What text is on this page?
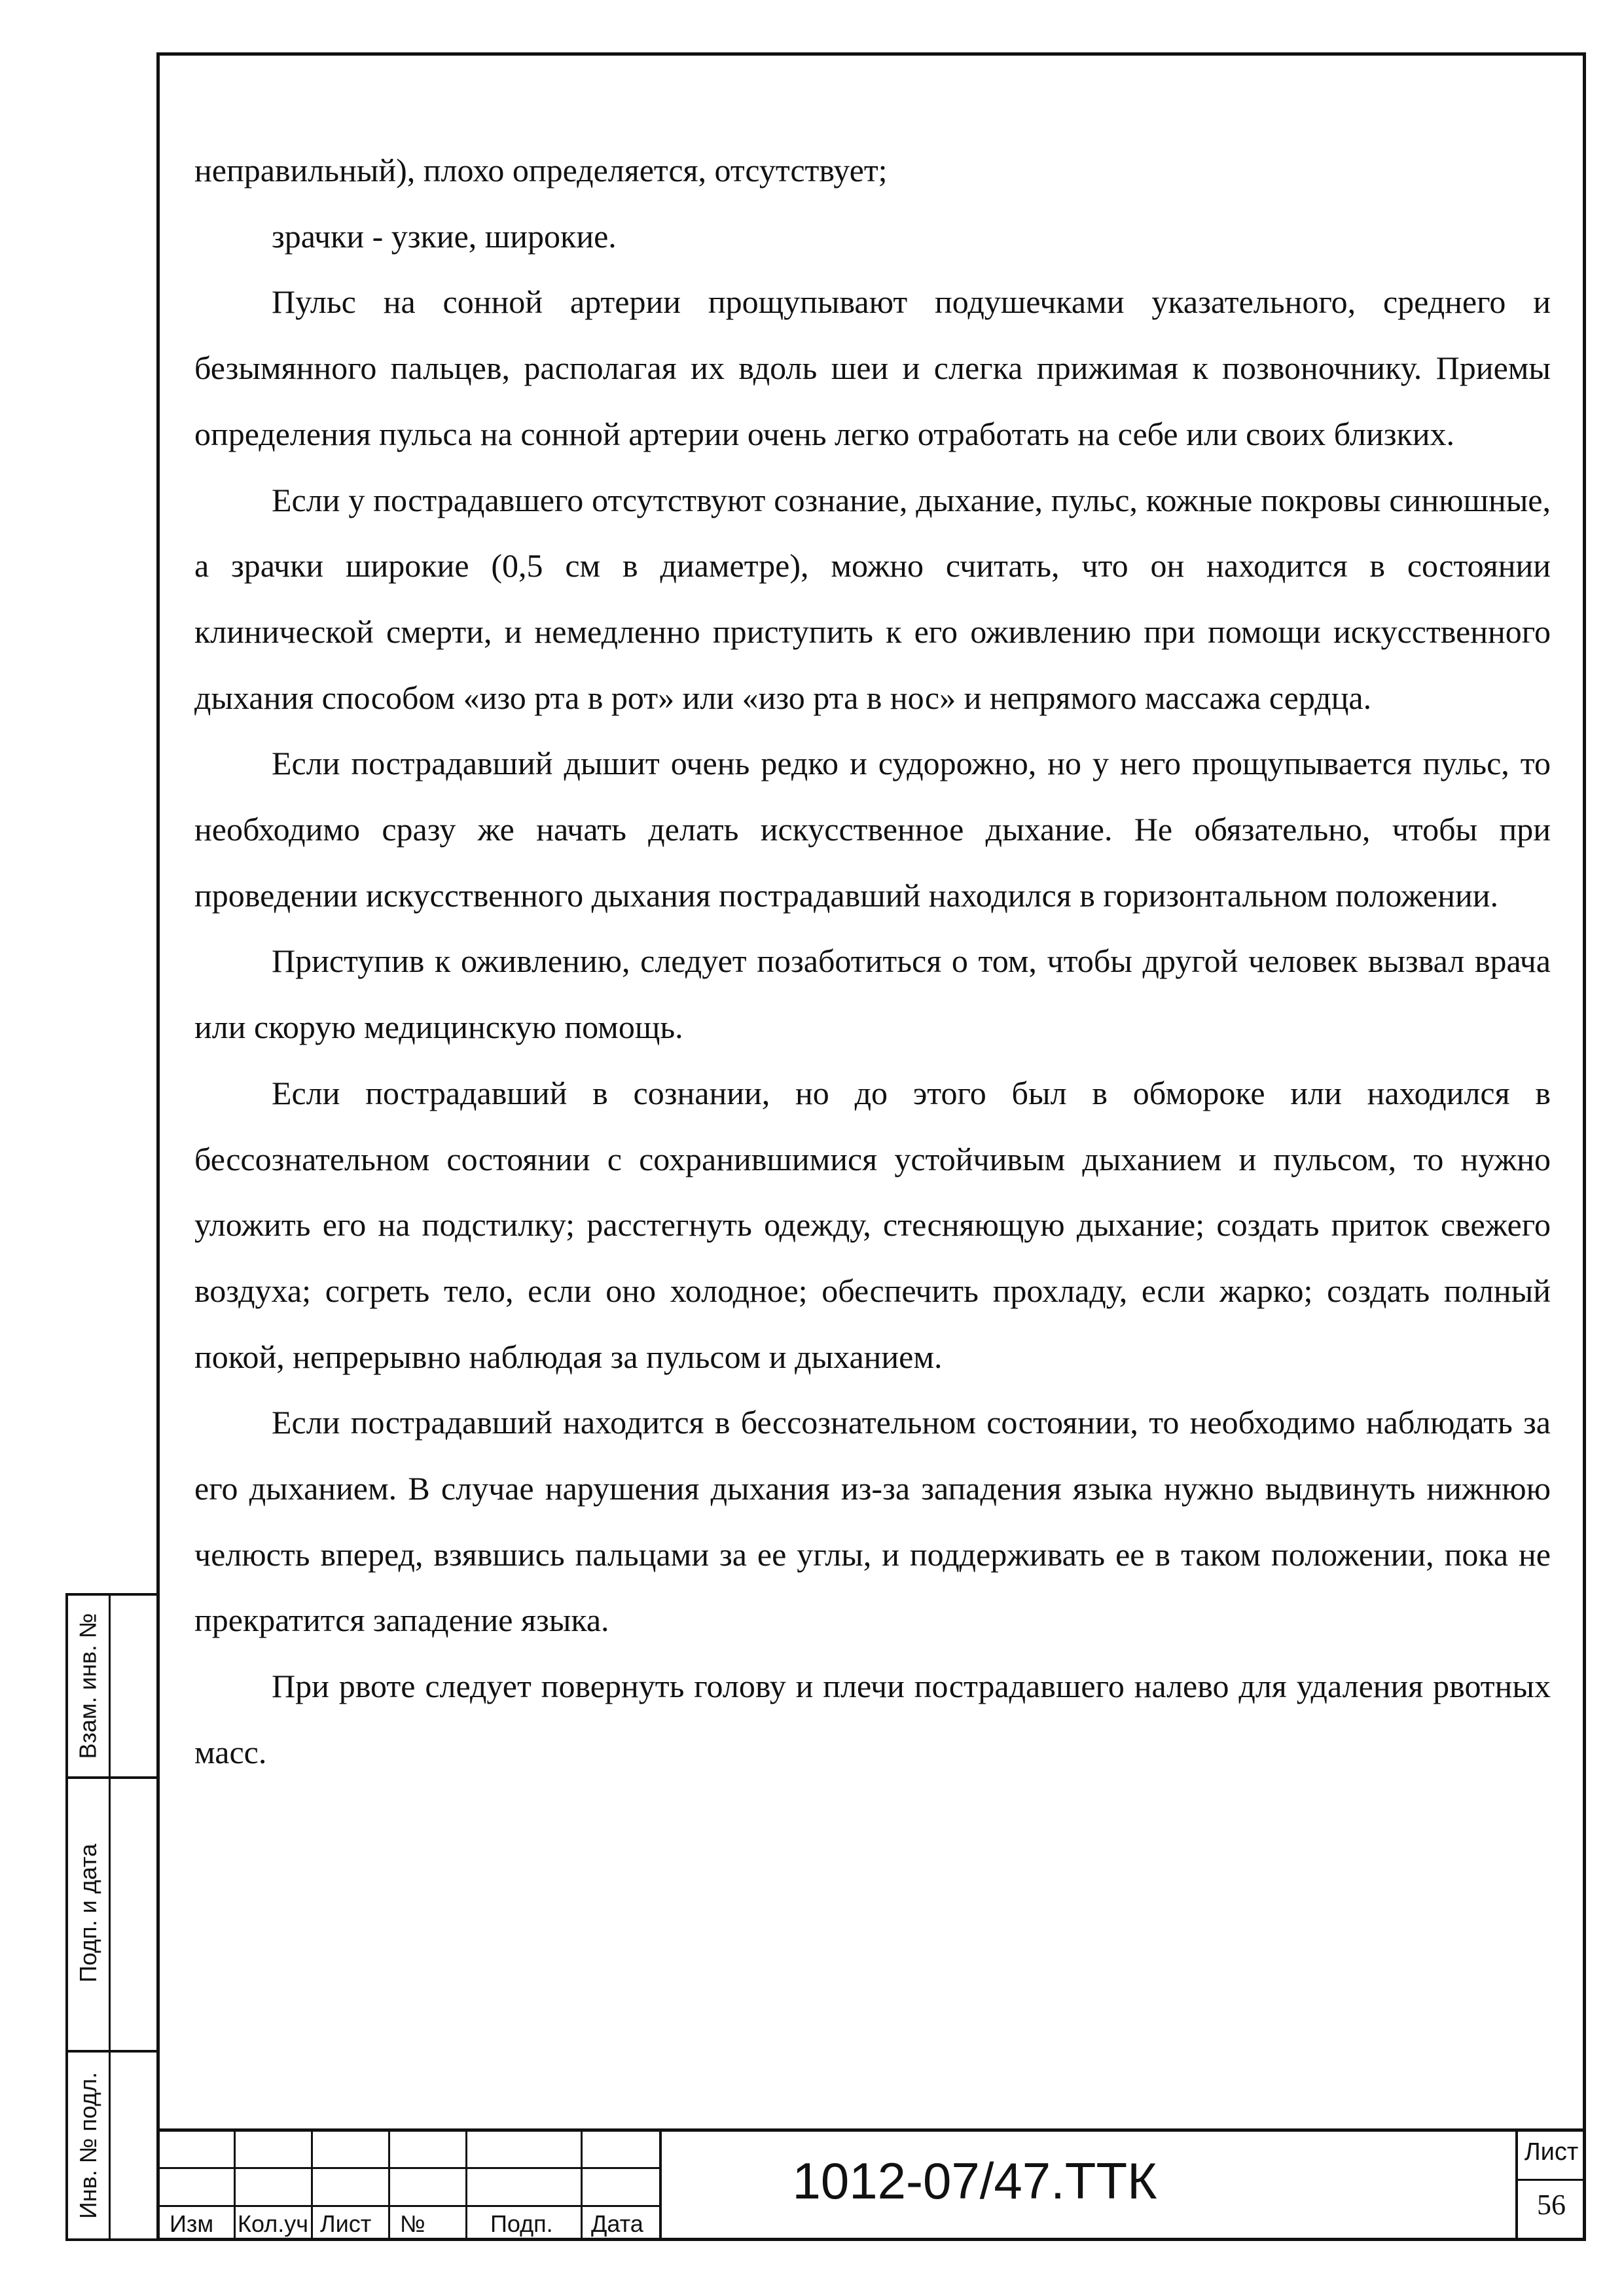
неправильный), плохо определяется, отсутствует;

зрачки - узкие, широкие.

Пульс на сонной артерии прощупывают подушечками указательного, среднего и безымянного пальцев, располагая их вдоль шеи и слегка прижимая к позвоночнику. Приемы определения пульса на сонной артерии очень легко отработать на себе или своих близких.

Если у пострадавшего отсутствуют сознание, дыхание, пульс, кожные покровы синюшные, а зрачки широкие (0,5 см в диаметре), можно считать, что он находится в состоянии клинической смерти, и немедленно приступить к его оживлению при помощи искусственного дыхания способом «изо рта в рот» или «изо рта в нос» и непрямого массажа сердца.

Если пострадавший дышит очень редко и судорожно, но у него прощупывается пульс, то необходимо сразу же начать делать искусственное дыхание. Не обязательно, чтобы при проведении искусственного дыхания пострадавший находился в горизонтальном положении.

Приступив к оживлению, следует позаботиться о том, чтобы другой человек вызвал врача или скорую медицинскую помощь.

Если пострадавший в сознании, но до этого был в обмороке или находился в бессознательном состоянии с сохранившимися устойчивым дыханием и пульсом, то нужно уложить его на подстилку; расстегнуть одежду, стесняющую дыхание; создать приток свежего воздуха; согреть тело, если оно холодное; обеспечить прохладу, если жарко; создать полный покой, непрерывно наблюдая за пульсом и дыханием.

Если пострадавший находится в бессознательном состоянии, то необходимо наблюдать за его дыханием. В случае нарушения дыхания из-за западения языка нужно выдвинуть нижнюю челюсть вперед, взявшись пальцами за ее углы, и поддерживать ее в таком положении, пока не прекратится западение языка.

При рвоте следует повернуть голову и плечи пострадавшего налево для удаления рвотных масс.

Взам. инв. №
Подп. и дата
Инв. № подл.
Изм Кол.уч Лист №	Подп. Дата
1012-07/47.ТТК	Лист
56
